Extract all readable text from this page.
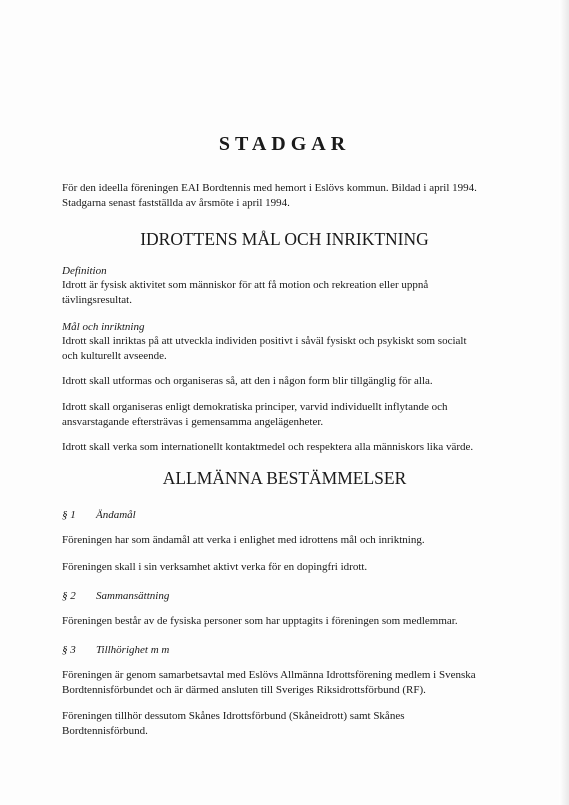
STADGAR
För den ideella föreningen EAI Bordtennis med hemort i Eslövs kommun. Bildad i april 1994.
Stadgarna senast fastställda av årsmöte i april 1994.
IDROTTENS MÅL OCH INRIKTNING
Definition
Idrott är fysisk aktivitet som människor för att få motion och rekreation eller uppnå
tävlingsresultat.
Mål och inriktning
Idrott skall inriktas på att utveckla individen positivt i såväl fysiskt och psykiskt som socialt
och kulturellt avseende.
Idrott skall utformas och organiseras så, att den i någon form blir tillgänglig för alla.
Idrott skall organiseras enligt demokratiska principer, varvid individuellt inflytande och
ansvarstagande eftersträvas i gemensamma angelägenheter.
Idrott skall verka som internationellt kontaktmedel och respektera alla människors lika värde.
ALLMÄNNA BESTÄMMELSER
§ 1 Ändamål
Föreningen har som ändamål att verka i enlighet med idrottens mål och inriktning.
Föreningen skall i sin verksamhet aktivt verka för en dopingfri idrott.
§ 2 Sammansättning
Föreningen består av de fysiska personer som har upptagits i föreningen som medlemmar.
§ 3 Tillhörighet m m
Föreningen är genom samarbetsavtal med Eslövs Allmänna Idrottsförening medlem i Svenska
Bordtennisförbundet och är därmed ansluten till Sveriges Riksidrottsförbund (RF).
Föreningen tillhör dessutom Skånes Idrottsförbund (Skåneidrott) samt Skånes
Bordtennisförbund.
